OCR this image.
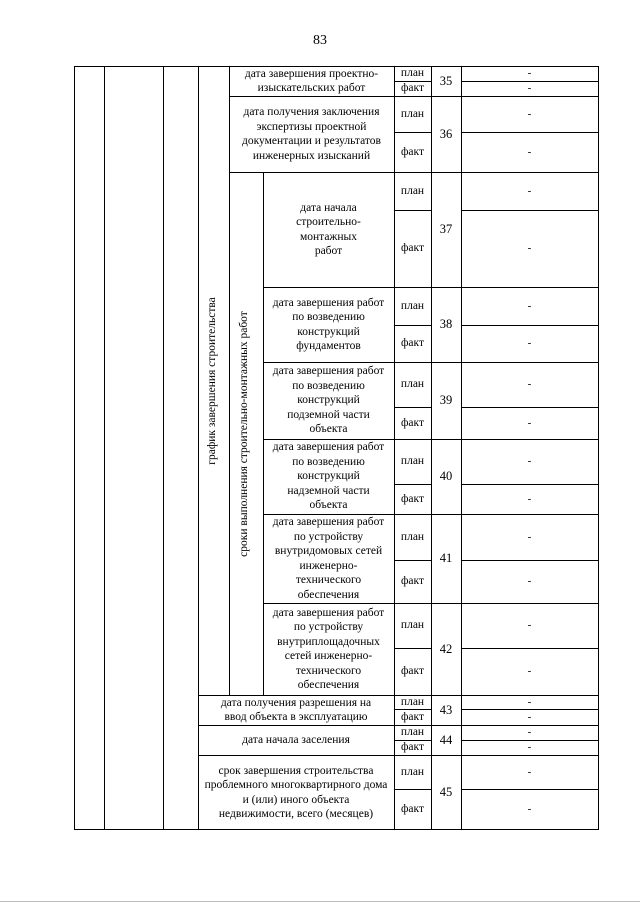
83
график завершения строительства	сроки выполнения строительно-монтажных работ
дата завершения проектно-изыскательских работ
план
факт
35
-
-
дата получения заключения экспертизы проектной документации и результатов инженерных изысканий
план
факт
36
-
-
дата начала строительно-монтажных работ
план
факт
37
-
-
дата завершения работ по возведению конструкций фундаментов
план
факт
38
-
-
дата завершения работ по возведению конструкций подземной части объекта
план
факт
39
-
-
дата завершения работ по возведению конструкций надземной части объекта
план
факт
40
-
-
дата завершения работ по устройству внутридомовых сетей инженерно-технического обеспечения
план
факт
41
-
-
дата завершения работ по устройству внутриплощадочных сетей инженерно-технического обеспечения
план
факт
42
-
-
дата получения разрешения на ввод объекта в эксплуатацию
план
факт	43
-
-
дата начала заселения
план
факт
44
-
-
срок завершения строительства проблемного многоквартирного дома и (или) иного объекта недвижимости, всего (месяцев)
план
факт
45
-
-
